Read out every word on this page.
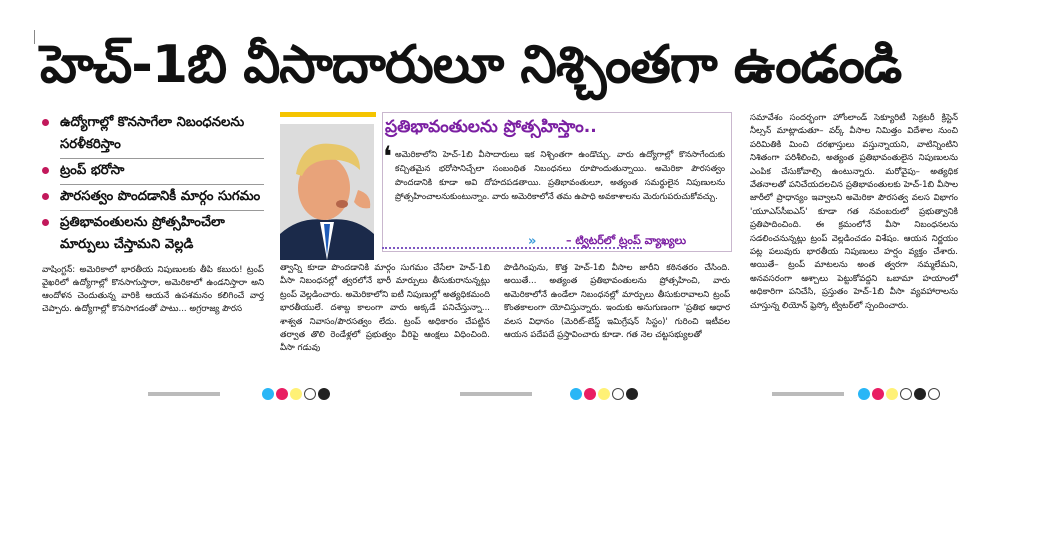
హెచ్‌-1బి వీసాదారులూ నిశ్చింతగా ఉండండి
ఉద్యోగాల్లో కొనసాగేలా నిబంధనలను సరళీకరిస్తాం
ట్రంప్‌ భరోసా
పౌరసత్వం పొందడానికీ మార్గం సుగమం
ప్రతిభావంతులను ప్రోత్సహించేలా మార్పులు చేస్తామని వెల్లడి
వాషింగ్టన్‌: అమెరికాలో భారతీయ నిపుణులకు తీపి కబురు! ట్రంప్‌ వైఖరిలో ఉద్యోగాల్లో కొనసాగుస్తారా, అమెరికాలో ఉండనిస్తారా అని ఆందోళన చెందుతున్న వారికి ఆయనే ఉపశమనం కలిగించే వార్త చెప్పారు. ఉద్యోగాల్లో కొనసాగడంతో పాటు... అగ్రరాజ్య పౌరస
ప్రతిభావంతులను ప్రోత్సహిస్తాం..
❛ అమెరికాలోని హెచ్‌-1బి వీసాదారులు ఇక నిశ్చింతగా ఉండొచ్చు. వారు ఉద్యోగాల్లో కొనసాగేందుకు కచ్చితమైన భరోసానిచ్చేలా సంబంధిత నిబంధనలు రూపొందుతున్నాయి. అమెరికా పౌరసత్వం పొందడానికి కూడా అవి దోహదపడతాయి. ప్రతిభావంతులూ, అత్యంత సమర్థులైన నిపుణులను ప్రోత్సహించాలనుకుంటున్నాం. వారు అమెరికాలోనే తమ ఉపాధి అవకాశాలను మెరుగుపరుచుకోవచ్చు.
»	– ట్విటర్‌లో ట్రంప్‌ వ్యాఖ్యలు
త్వాన్ని కూడా పొందడానికి మార్గం సుగమం చేసేలా హెచ్‌-1బి వీసా నిబంధనల్లో త్వరలోనే భారీ మార్పులు తీసుకురానున్నట్లు ట్రంప్‌ వెల్లడించారు. అమెరికాలోని ఐటీ నిపుణుల్లో అత్యధికమంది భారతీయులే. దశాబ్ద కాలంగా వారు అక్కడే పనిచేస్తున్నా... శాశ్వత నివాసం/పౌరసత్వం లేదు. ట్రంప్‌ అధికారం చేపట్టిన తర్వాత తొలి రెండేళ్లలో ప్రభుత్వం వీరిపై ఆంక్షలు విధించింది. వీసా గడువు
పొడిగింపును, కొత్త హెచ్‌-1బి వీసాల జారీని కఠినతరం చేసింది. అయితే... అత్యంత ప్రతిభావంతులను ప్రోత్సహించి, వారు అమెరికాలోనే ఉండేలా నిబంధనల్లో మార్పులు తీసుకురావాలని ట్రంప్‌ కొంతకాలంగా యోచిస్తున్నారు. ఇందుకు అనుగుణంగా 'ప్రతిభ ఆధార వలస విధానం (మెరిట్‌-బేస్డ్‌ ఇమిగ్రేషన్‌ సిస్టం)' గురించి ఇటీవల ఆయన పదేపదే ప్రస్తావించారు కూడా. గత నెల చట్టసభ్యులతో
సమావేశం సందర్భంగా హోంలాండ్‌ సెక్యూరిటీ సెక్రటరీ క్రిస్టెన్‌ నీల్సన్‌ మాట్లాడుతూ– వర్క్‌ వీసాల నిమిత్తం విదేశాల నుంచి పరిమితికి మించి దరఖాస్తులు వస్తున్నాయని, వాటిన్నింటిని నిశితంగా పరిశీలించి, అత్యంత ప్రతిభావంతులైన నిపుణులను ఎంపిక చేసుకోవాల్సి ఉంటున్నారు. మరోవైపు– అత్యధిక వేతనాలతో పనిచేయదలచిన ప్రతిభావంతులకు హెచ్‌-1బి వీసాల జారీలో ప్రాధాన్యం ఇవ్వాలని అమెరికా పౌరసత్వ వలస విభాగం 'యూఎస్‌సీఐఎస్‌' కూడా గత నవంబరులో ప్రభుత్వానికి ప్రతిపాదించింది. ఈ క్రమంలోనే వీసా నిబంధనలను సడలించనున్నట్లు ట్రంప్‌ వెల్లడించడం విశేషం. ఆయన నిర్ణయం పట్ల పలువురు భారతీయ నిపుణులు హర్షం వ్యక్తం చేశారు. అయితే– ట్రంప్‌ మాటలను అంత త్వరగా నమ్మలేమని, అనవసరంగా ఆశ్చాలు పెట్టుకోవద్దని ఒబామా హయాంలో అధికారిగా పనిచేసి, ప్రస్తుతం హెచ్‌-1బి వీసా వ్యవహారాలను చూస్తున్న లియోన్‌ ఫ్రెస్కో ట్విటర్‌లో స్పందించారు.
